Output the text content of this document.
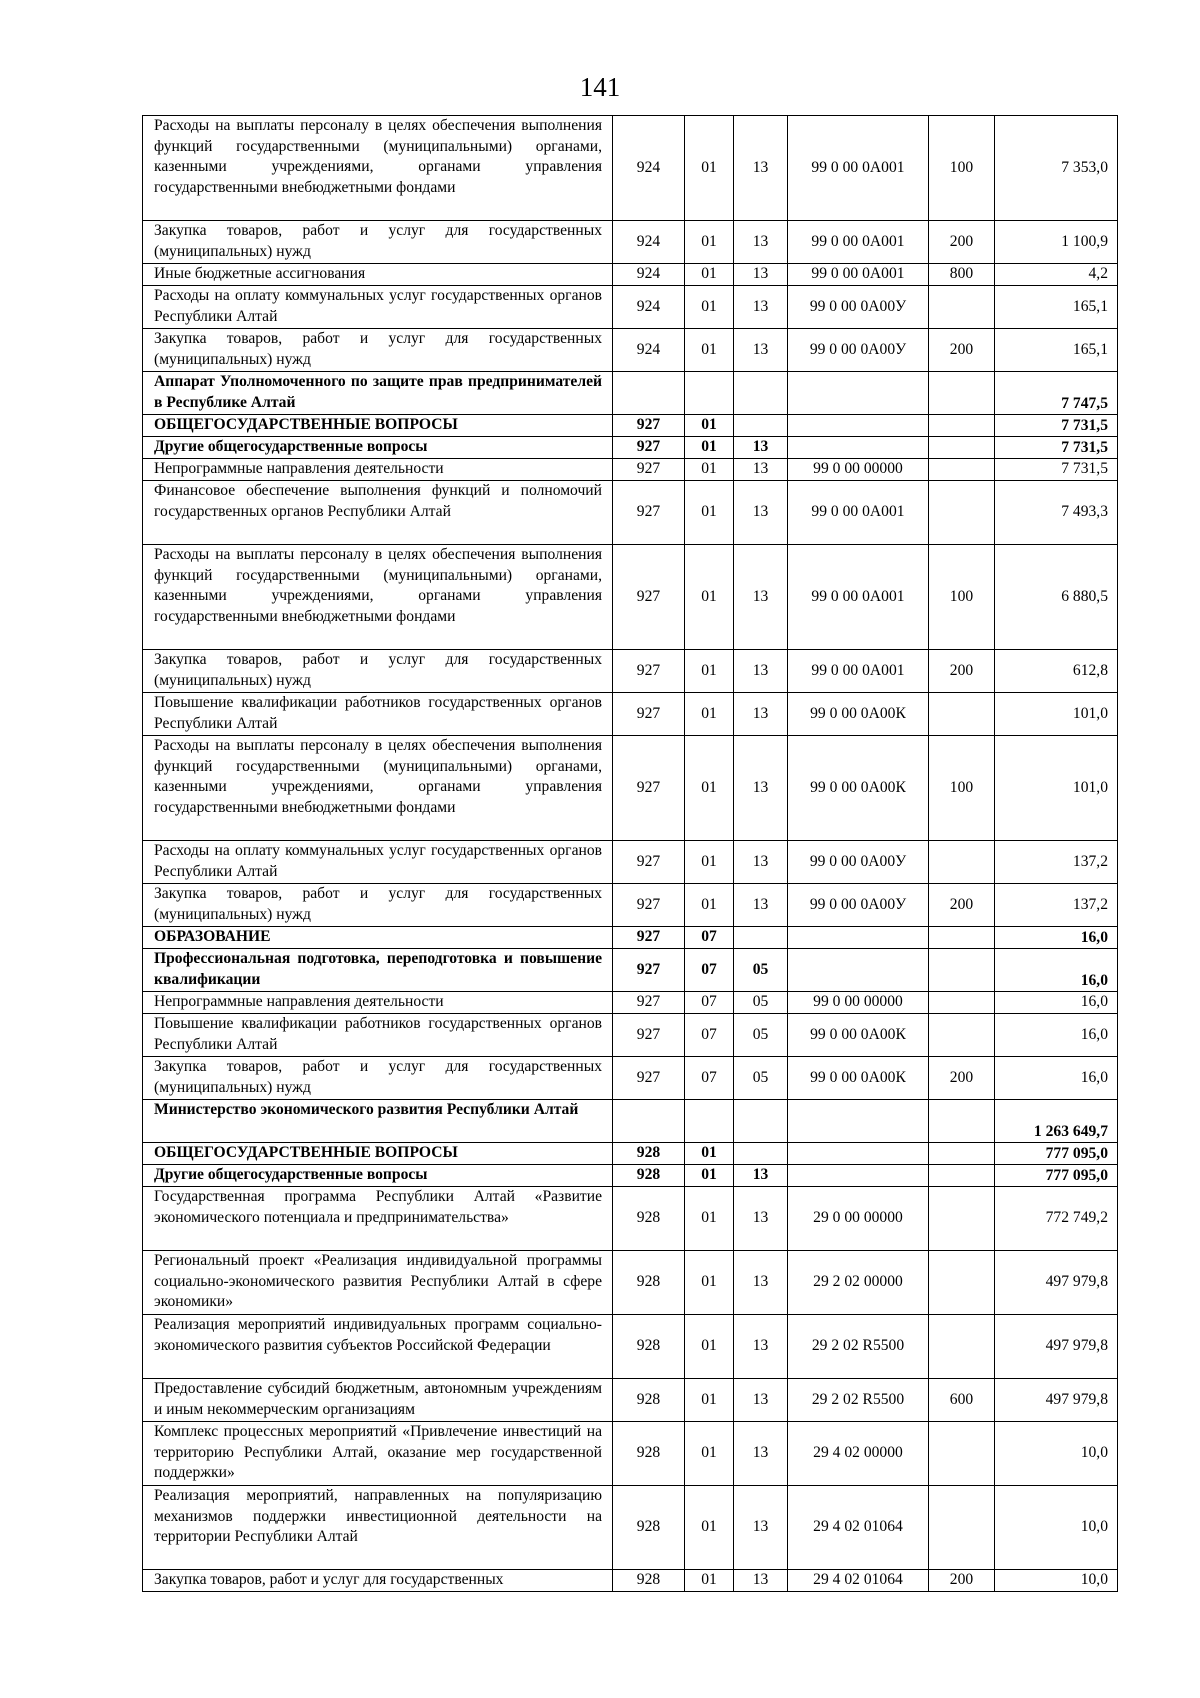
141
Расходы на выплаты персоналу в целях обеспечения выполнения функций государственными (муниципальными) органами, казенными учреждениями, органами управления государственными внебюджетными фондами	924	01	13	99 0 00 0А001	100	7 353,0
Закупка товаров, работ и услуг для государственных (муниципальных) нужд	924	01	13	99 0 00 0А001	200	1 100,9
Иные бюджетные ассигнования	924	01	13	99 0 00 0А001	800	4,2
Расходы на оплату коммунальных услуг государственных органов Республики Алтай	924	01	13	99 0 00 0А00У		165,1
Закупка товаров, работ и услуг для государственных (муниципальных) нужд	924	01	13	99 0 00 0А00У	200	165,1
Аппарат Уполномоченного по защите прав предпринимателей в Республике Алтай						7 747,5
ОБЩЕГОСУДАРСТВЕННЫЕ ВОПРОСЫ	927	01				7 731,5
Другие общегосударственные вопросы	927	01	13			7 731,5
Непрограммные направления деятельности	927	01	13	99 0 00 00000		7 731,5
Финансовое обеспечение выполнения функций и полномочий государственных органов Республики Алтай	927	01	13	99 0 00 0А001		7 493,3
Расходы на выплаты персоналу в целях обеспечения выполнения функций государственными (муниципальными) органами, казенными учреждениями, органами управления государственными внебюджетными фондами	927	01	13	99 0 00 0А001	100	6 880,5
Закупка товаров, работ и услуг для государственных (муниципальных) нужд	927	01	13	99 0 00 0А001	200	612,8
Повышение квалификации работников государственных органов Республики Алтай	927	01	13	99 0 00 0А00К		101,0
Расходы на выплаты персоналу в целях обеспечения выполнения функций государственными (муниципальными) органами, казенными учреждениями, органами управления государственными внебюджетными фондами	927	01	13	99 0 00 0А00К	100	101,0
Расходы на оплату коммунальных услуг государственных органов Республики Алтай	927	01	13	99 0 00 0А00У		137,2
Закупка товаров, работ и услуг для государственных (муниципальных) нужд	927	01	13	99 0 00 0А00У	200	137,2
ОБРАЗОВАНИЕ	927	07				16,0
Профессиональная подготовка, переподготовка и повышение квалификации	927	07	05			16,0
Непрограммные направления деятельности	927	07	05	99 0 00 00000		16,0
Повышение квалификации работников государственных органов Республики Алтай	927	07	05	99 0 00 0А00К		16,0
Закупка товаров, работ и услуг для государственных (муниципальных) нужд	927	07	05	99 0 00 0А00К	200	16,0
Министерство экономического развития Республики Алтай						1 263 649,7
ОБЩЕГОСУДАРСТВЕННЫЕ ВОПРОСЫ	928	01				777 095,0
Другие общегосударственные вопросы	928	01	13			777 095,0
Государственная программа Республики Алтай «Развитие экономического потенциала и предпринимательства»	928	01	13	29 0 00 00000		772 749,2
Региональный проект «Реализация индивидуальной программы социально-экономического развития Республики Алтай в сфере экономики»	928	01	13	29 2 02 00000		497 979,8
Реализация мероприятий индивидуальных программ социально-экономического развития субъектов Российской Федерации	928	01	13	29 2 02 R5500		497 979,8
Предоставление субсидий бюджетным, автономным учреждениям и иным некоммерческим организациям	928	01	13	29 2 02 R5500	600	497 979,8
Комплекс процессных мероприятий «Привлечение инвестиций на территорию Республики Алтай, оказание мер государственной поддержки»	928	01	13	29 4 02 00000		10,0
Реализация мероприятий, направленных на популяризацию механизмов поддержки инвестиционной деятельности на территории Республики Алтай	928	01	13	29 4 02 01064		10,0
Закупка товаров, работ и услуг для государственных	928	01	13	29 4 02 01064	200	10,0
